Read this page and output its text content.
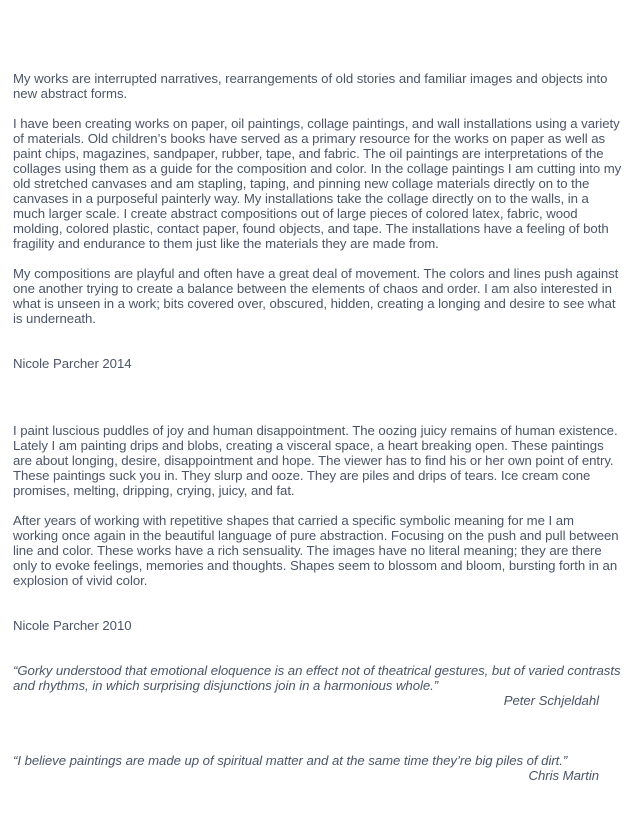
My works are interrupted narratives, rearrangements of old stories and familiar images and objects into new abstract forms.

I have been creating works on paper, oil paintings, collage paintings, and wall installations using a variety of materials. Old children’s books have served as a primary resource for the works on paper as well as paint chips, magazines, sandpaper, rubber, tape, and fabric. The oil paintings are interpretations of the collages using them as a guide for the composition and color. In the collage paintings I am cutting into my old stretched canvases and am stapling, taping, and pinning new collage materials directly on to the canvases in a purposeful painterly way. My installations take the collage directly on to the walls, in a much larger scale. I create abstract compositions out of large pieces of colored latex, fabric, wood molding, colored plastic, contact paper, found objects, and tape. The installations have a feeling of both fragility and endurance to them just like the materials they are made from.

My compositions are playful and often have a great deal of movement. The colors and lines push against one another trying to create a balance between the elements of chaos and order. I am also interested in what is unseen in a work; bits covered over, obscured, hidden, creating a longing and desire to see what is underneath.

Nicole Parcher 2014

I paint luscious puddles of joy and human disappointment. The oozing juicy remains of human existence. Lately I am painting drips and blobs, creating a visceral space, a heart breaking open. These paintings are about longing, desire, disappointment and hope. The viewer has to find his or her own point of entry. These paintings suck you in. They slurp and ooze. They are piles and drips of tears. Ice cream cone promises, melting, dripping, crying, juicy, and fat.

After years of working with repetitive shapes that carried a specific symbolic meaning for me I am working once again in the beautiful language of pure abstraction. Focusing on the push and pull between line and color. These works have a rich sensuality. The images have no literal meaning; they are there only to evoke feelings, memories and thoughts. Shapes seem to blossom and bloom, bursting forth in an explosion of vivid color.

Nicole Parcher 2010

“Gorky understood that emotional eloquence is an effect not of theatrical gestures, but of varied contrasts and rhythms, in which surprising disjunctions join in a harmonious whole.”

Peter Schjeldahl

“I believe paintings are made up of spiritual matter and at the same time they’re big piles of dirt.”

Chris Martin
